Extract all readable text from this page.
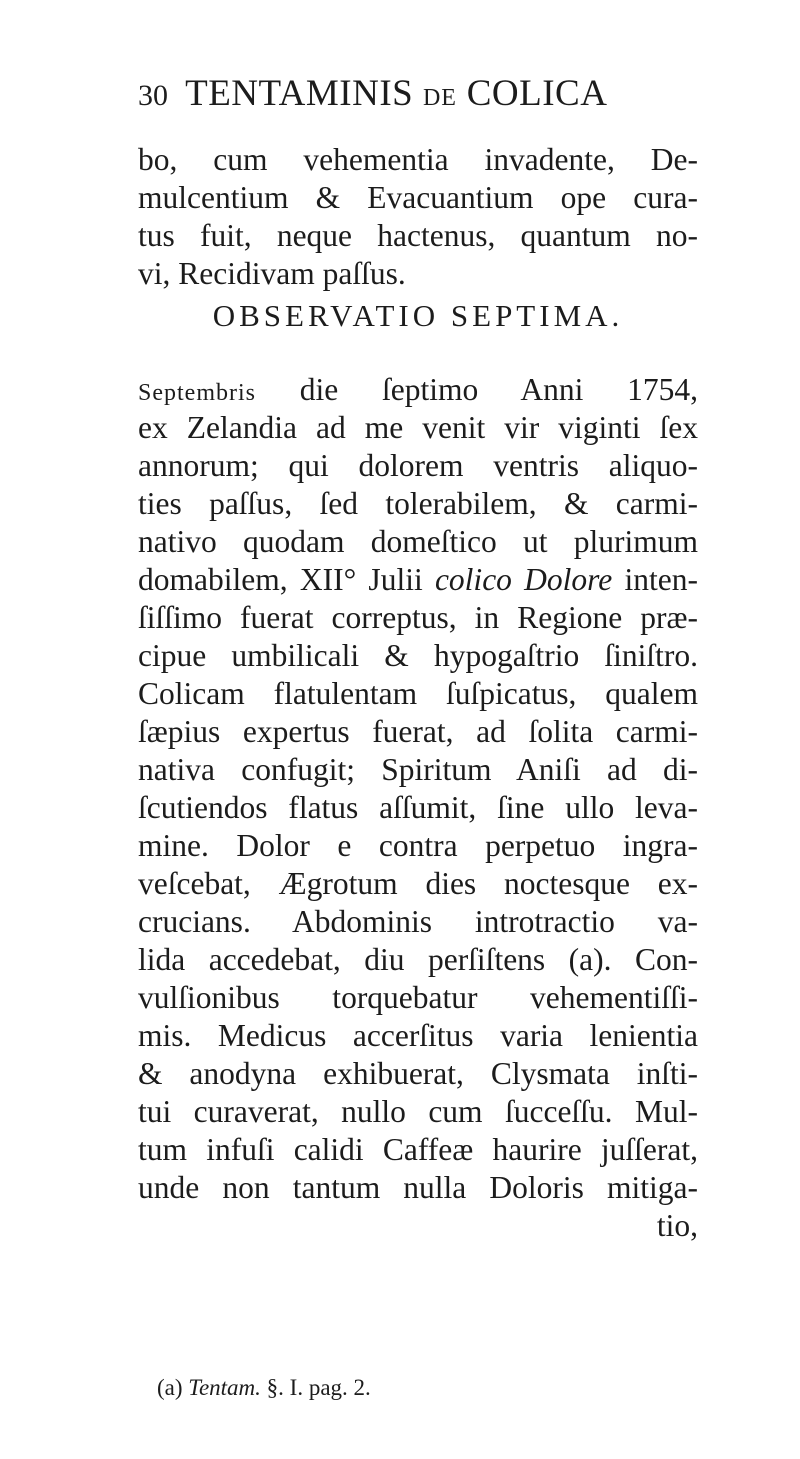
30 TENTAMINIS DE COLICA
bo, cum vehementia invadente, De-
mulcentium & Evacuantium ope cura-
tus fuit, neque hactenus, quantum no-
vi, Recidivam paſſus.
OBSERVATIO SEPTIMA.
Septembris die ſeptimo Anni 1754,
ex Zelandia ad me venit vir viginti ſex
annorum; qui dolorem ventris aliquo-
ties paſſus, ſed tolerabilem, & carmi-
nativo quodam domeſtico ut plurimum
domabilem, XII° Julii colico Dolore inten-
ſiſſimo fuerat correptus, in Regione præ-
cipue umbilicali & hypogaſtrio ſiniſtro.
Colicam flatulentam ſuſpicatus, qualem
ſæpius expertus fuerat, ad ſolita carmi-
nativa confugit; Spiritum Aniſi ad di-
ſcutiendos flatus aſſumit, ſine ullo leva-
mine. Dolor e contra perpetuo ingra-
veſcebat, Ægrotum dies noctesque ex-
crucians. Abdominis introtractio va-
lida accedebat, diu perſiſtens (a). Con-
vulſionibus torquebatur vehementiſſi-
mis. Medicus accerſitus varia lenientia
& anodyna exhibuerat, Clysmata inſti-
tui curaverat, nullo cum ſucceſſu. Mul-
tum infuſi calidi Caffeæ haurire juſſerat,
unde non tantum nulla Doloris mitiga-
tio,
(a) Tentam. §. I. pag. 2.
